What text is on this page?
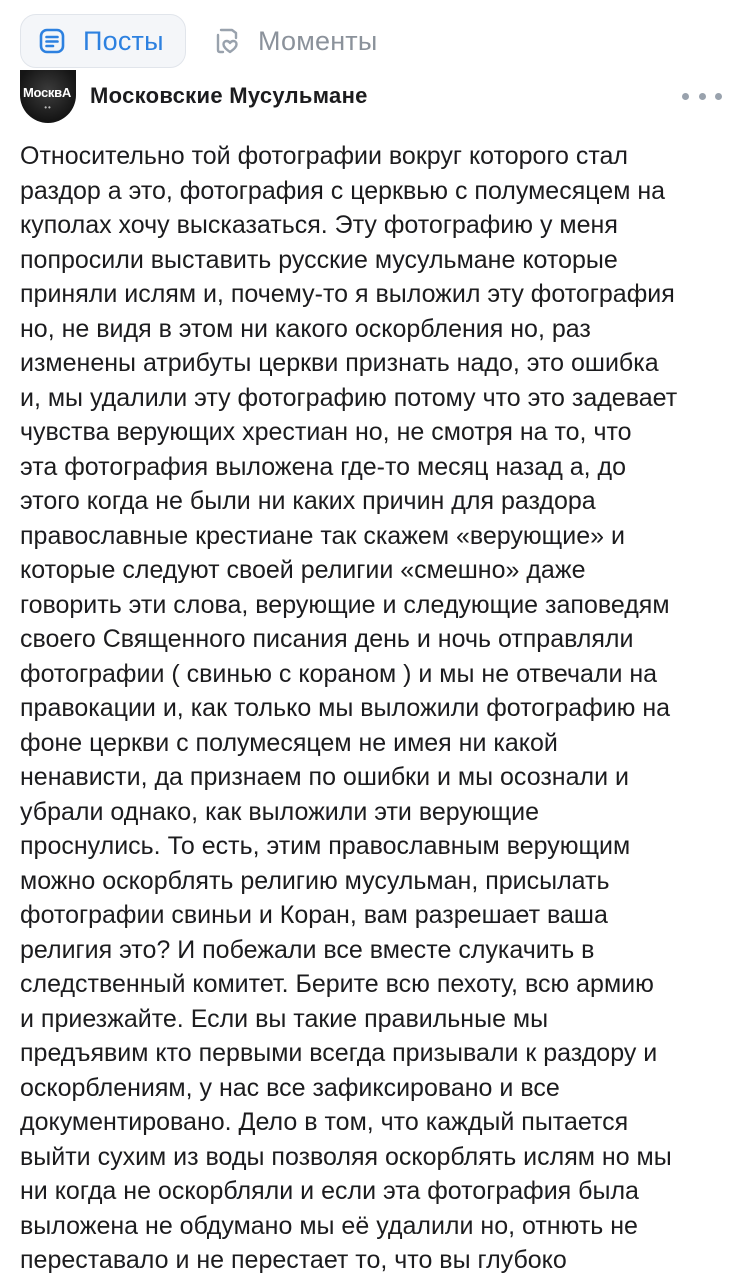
Посты	Моменты
МосквА
••	Московские Мусульмане
Относительно той фотографии вокруг которого стал
раздор а это, фотография с церквью с полумесяцем на
куполах хочу высказаться. Эту фотографию у меня
попросили выставить русские мусульмане которые
приняли ислям и, почему-то я выложил эту фотография
но, не видя в этом ни какого оскорбления но, раз
изменены атрибуты церкви признать надо, это ошибка
и, мы удалили эту фотографию потому что это задевает
чувства верующих хрестиан но, не смотря на то, что
эта фотография выложена где-то месяц назад а, до
этого когда не были ни каких причин для раздора
православные крестиане так скажем «верующие» и
которые следуют своей религии «смешно» даже
говорить эти слова, верующие и следующие заповедям
своего Священного писания день и ночь отправляли
фотографии ( свинью с кораном ) и мы не отвечали на
правокации и, как только мы выложили фотографию на
фоне церкви с полумесяцем не имея ни какой
ненависти, да признаем по ошибки и мы осознали и
убрали однако, как выложили эти верующие
проснулись. То есть, этим православным верующим
можно оскорблять религию мусульман, присылать
фотографии свиньи и Коран, вам разрешает ваша
религия это? И побежали все вместе слукачить в
следственный комитет. Берите всю пехоту, всю армию
и приезжайте. Если вы такие правильные мы
предъявим кто первыми всегда призывали к раздору и
оскорблениям, у нас все зафиксировано и все
документировано. Дело в том, что каждый пытается
выйти сухим из воды позволяя оскорблять ислям но мы
ни когда не оскорбляли и если эта фотография была
выложена не обдумано мы её удалили но, отнють не
переставало и не перестает то, что вы глубоко
